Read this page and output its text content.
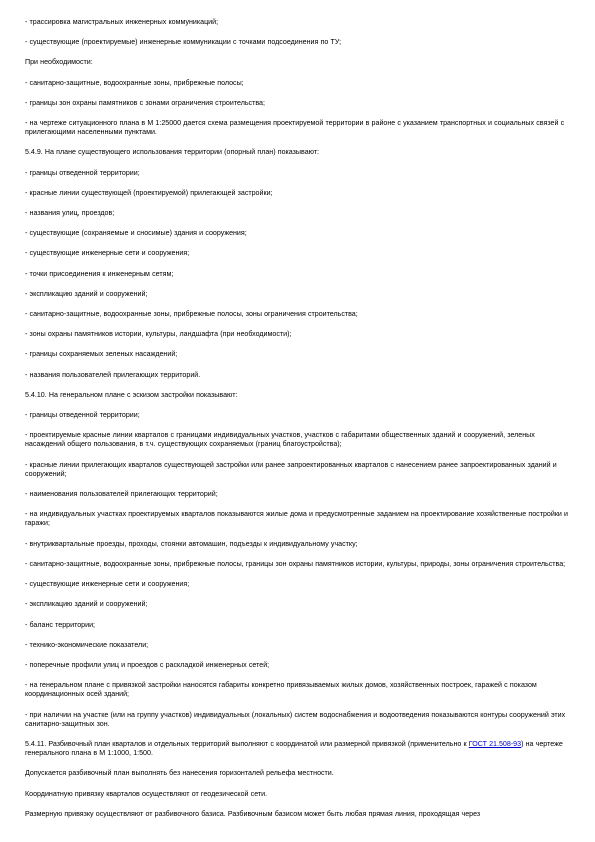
- трассировка магистральных инженерных коммуникаций;

- существующие (проектируемые) инженерные коммуникации с точками подсоединения по ТУ;

При необходимости:

- санитарно-защитные, водоохранные зоны, прибрежные полосы;

- границы зон охраны памятников с зонами ограничения строительства;

- на чертеже ситуационного плана в М 1:25000 дается схема размещения проектируемой территории в районе с указанием транспортных и социальных связей с прилегающими населенными пунктами.

5.4.9. На плане существующего использования территории (опорный план) показывают:

- границы отведенной территории;

- красные линии существующей (проектируемой) прилегающей застройки;

- названия улиц, проездов;

- существующие (сохраняемые и сносимые) здания и сооружения;

- существующие инженерные сети и сооружения;

- точки присоединения к инженерным сетям;

- экспликацию зданий и сооружений;

- санитарно-защитные, водоохранные зоны, прибрежные полосы, зоны ограничения строительства;

- зоны охраны памятников истории, культуры, ландшафта (при необходимости);

- границы сохраняемых зеленых насаждений;

- названия пользователей прилегающих территорий.

5.4.10. На генеральном плане с эскизом застройки показывают:

- границы отведенной территории;

- проектируемые красные линии кварталов с границами индивидуальных участков, участков с габаритами общественных зданий и сооружений, зеленых насаждений общего пользования, в т.ч. существующих сохраняемых (границ благоустройства);

- красные линии прилегающих кварталов существующей застройки или ранее запроектированных кварталов с нанесением ранее запроектированных зданий и сооружений;

- наименования пользователей прилегающих территорий;

- на индивидуальных участках проектируемых кварталов показываются жилые дома и предусмотренные заданием на проектирование хозяйственные постройки и гаражи;

- внутриквартальные проезды, проходы, стоянки автомашин, подъезды к индивидуальному участку;

- санитарно-защитные, водоохранные зоны, прибрежные полосы, границы зон охраны памятников истории, культуры, природы, зоны ограничения строительства;

- существующие инженерные сети и сооружения;

- экспликацию зданий и сооружений;

- баланс территории;

- технико-экономические показатели;

- поперечные профили улиц и проездов с раскладкой инженерных сетей;

- на генеральном плане с привязкой застройки наносятся габариты конкретно привязываемых жилых домов, хозяйственных построек, гаражей с показом координационных осей зданий;

- при наличии на участке (или на группу участков) индивидуальных (локальных) систем водоснабжения и водоотведения показываются контуры сооружений этих санитарно-защитных зон.

5.4.11. Разбивочный план кварталов и отдельных территорий выполняют с координатой или размерной привязкой (применительно к ГОСТ 21.508-93) на чертеже генерального плана в М 1:1000, 1:500.

Допускается разбивочный план выполнять без нанесения горизонталей рельефа местности.

Координатную привязку кварталов осуществляют от геодезической сети.

Размерную привязку осуществляют от разбивочного базиса. Разбивочным базисом может быть любая прямая линия, проходящая через
